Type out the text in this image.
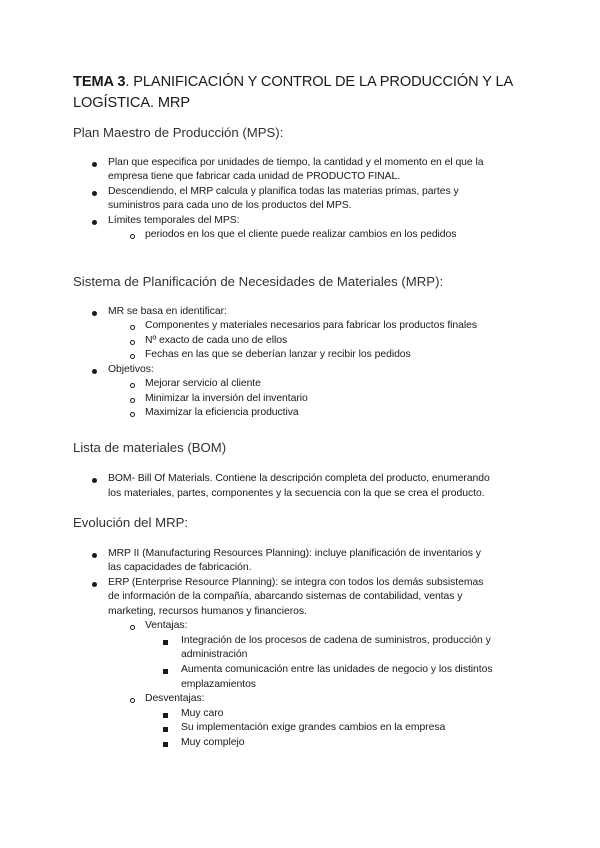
TEMA 3. PLANIFICACIÓN Y CONTROL DE LA PRODUCCIÓN Y LA
LOGÍSTICA. MRP
Plan Maestro de Producción (MPS):
Plan que especifica por unidades de tiempo, la cantidad y el momento en el que la
empresa tiene que fabricar cada unidad de PRODUCTO FINAL.
Descendiendo, el MRP calcula y planifica todas las materias primas, partes y
suministros para cada uno de los productos del MPS.
Límites temporales del MPS:
periodos en los que el cliente puede realizar cambios en los pedidos
Sistema de Planificación de Necesidades de Materiales (MRP):
MR se basa en identificar:
Componentes y materiales necesarios para fabricar los productos finales
Nº exacto de cada uno de ellos
Fechas en las que se deberían lanzar y recibir los pedidos
Objetivos:
Mejorar servicio al cliente
Minimizar la inversión del inventario
Maximizar la eficiencia productiva
Lista de materiales (BOM)
BOM- Bill Of Materials. Contiene la descripción completa del producto, enumerando
los materiales, partes, componentes y la secuencia con la que se crea el producto.
Evolución del MRP:
MRP II (Manufacturing Resources Planning): incluye planificación de inventarios y
las capacidades de fabricación.
ERP (Enterprise Resource Planning): se integra con todos los demás subsistemas
de información de la compañía, abarcando sistemas de contabilidad, ventas y
marketing, recursos humanos y financieros.
Ventajas:
Integración de los procesos de cadena de suministros, producción y
administración
Aumenta comunicación entre las unidades de negocio y los distintos
emplazamientos
Desventajas:
Muy caro
Su implementación exige grandes cambios en la empresa
Muy complejo
